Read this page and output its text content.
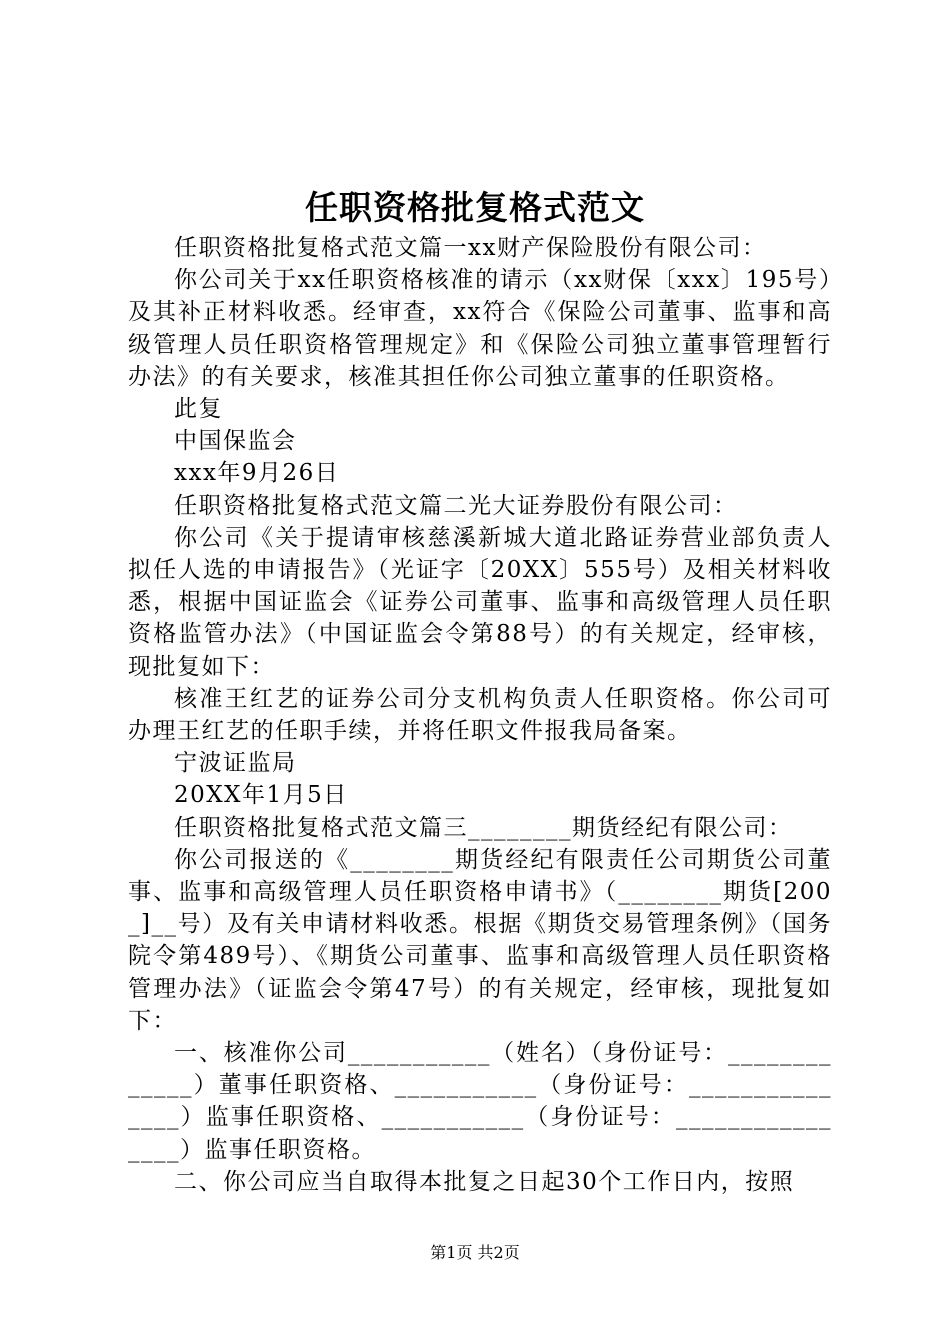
任职资格批复格式范文

任职资格批复格式范文篇一xx财产保险股份有限公司：

你公司关于xx任职资格核准的请示（xx财保〔xxx〕195号）及其补正材料收悉。经审查，xx符合《保险公司董事、监事和高级管理人员任职资格管理规定》和《保险公司独立董事管理暂行办法》的有关要求，核准其担任你公司独立董事的任职资格。

此复

中国保监会

xxx年9月26日

任职资格批复格式范文篇二光大证券股份有限公司：

你公司《关于提请审核慈溪新城大道北路证券营业部负责人拟任人选的申请报告》（光证字〔20XX〕555号）及相关材料收悉，根据中国证监会《证券公司董事、监事和高级管理人员任职资格监管办法》（中国证监会令第88号）的有关规定，经审核，现批复如下：

核准王红艺的证券公司分支机构负责人任职资格。你公司可办理王红艺的任职手续，并将任职文件报我局备案。

宁波证监局

20XX年1月5日

任职资格批复格式范文篇三________期货经纪有限公司：

你公司报送的《________期货经纪有限责任公司期货公司董事、监事和高级管理人员任职资格申请书》（________期货[200_]__号）及有关申请材料收悉。根据《期货交易管理条例》（国务院令第489号）、《期货公司董事、监事和高级管理人员任职资格管理办法》（证监会令第47号）的有关规定，经审核，现批复如下：

一、核准你公司___________（姓名）（身份证号：_____________）董事任职资格、___________（身份证号：_______________）监事任职资格、___________（身份证号：________________）监事任职资格。

二、你公司应当自取得本批复之日起30个工作日内，按照

第1页 共2页
